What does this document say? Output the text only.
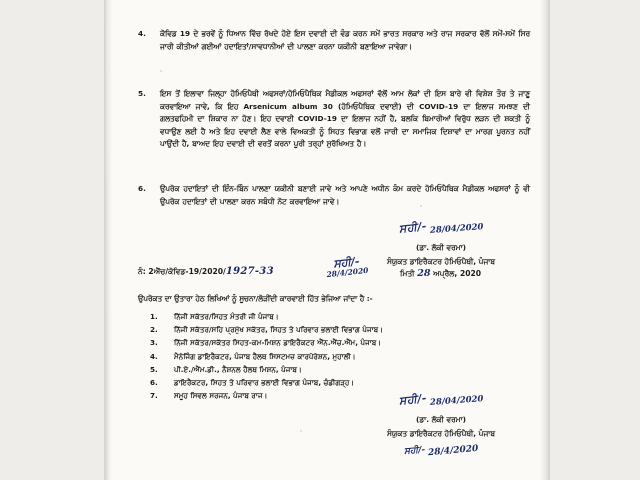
4.	ਕੋਵਿਡ 19 ਦੇ ਭਰਵੇਂ ਨੂੰ ਧਿਆਨ ਵਿੱਚ ਰੱਖਦੇ ਹੋਏ ਇਸ ਦਵਾਈ ਦੀ ਵੰਡ ਕਰਨ ਸਮੇਂ ਭਾਰਤ ਸਰਕਾਰ ਅਤੇ ਰਾਜ ਸਰਕਾਰ ਵੱਲੋਂ ਸਮੇਂ-ਸਮੇਂ ਸਿਰ ਜਾਰੀ ਕੀਤੀਆਂ ਗਈਆਂ ਹਦਾਇਤਾਂ/ਸਾਵਧਾਨੀਆਂ ਦੀ ਪਾਲਣਾ ਕਰਨਾ ਯਕੀਨੀ ਬਣਾਇਆ ਜਾਵੇਗਾ।
5.	ਇਸ ਤੋਂ ਇਲਾਵਾ ਜਿਲ੍ਹਾ ਹੋਮਿਓਪੈਥੀ ਅਫਸਰਾਂ/ਹੋਮਿਓਪੈਥਿਕ ਮੈਡੀਕਲ ਅਫਸਰਾਂ ਵੱਲੋਂ ਆਮ ਲੋਕਾਂ ਦੀ ਇਸ ਬਾਰੇ ਵੀ ਵਿਸ਼ੇਸ਼ ਤੌਰ ਤੇ ਜਾਣੂ ਕਰਵਾਇਆ ਜਾਵੇ, ਕਿ ਇਹ Arsenicum album 30 (ਹੋਮਿਓਪੈਥਿਕ ਦਵਾਈ) ਦੀ COVID-19 ਦਾ ਇਲਾਜ ਸਮਝਣ ਦੀ ਗਲਤਫਹਿਮੀ ਦਾ ਸ਼ਿਕਾਰ ਨਾ ਹੋਣ। ਇਹ ਦਵਾਈ COVID-19 ਦਾ ਇਲਾਜ ਨਹੀਂ ਹੈ, ਬਲਕਿ ਬਿਮਾਰੀਆਂ ਵਿਰੁੱਧ ਲੜਨ ਦੀ ਸ਼ਕਤੀ ਨੂੰ ਵਧਾਉਣ ਲਈ ਹੈ ਅਤੇ ਇਹ ਦਵਾਈ ਲੈਣ ਵਾਲੇ ਵਿਅਕਤੀ ਨੂੰ ਸਿਹਤ ਵਿਭਾਗ ਵਲੋਂ ਜਾਰੀ ਦਾ ਸਮਾਜਿਕ ਦਿਸ਼ਾਵਾਂ ਦਾ ਮਾਰਗ ਪੂਰਨਤ ਨਹੀਂ ਪਾਉਂਦੀ ਹੈ, ਬਾਅਦ ਇਹ ਦਵਾਈ ਦੀ ਵਰਤੋਂ ਕਰਨਾ ਪੂਰੀ ਤਰ੍ਹਾਂ ਸੁਰੱਖਿਅਤ ਹੈ।
6.	ਉਪਰੋਕ ਹਦਾਇਤਾਂ ਦੀ ਇੰਨ-ਬਿੰਨ ਪਾਲਣਾ ਯਕੀਨੀ ਬਣਾਈ ਜਾਵੇ ਅਤੇ ਆਪਣੇ ਅਧੀਨ ਕੰਮ ਕਰਦੇ ਹੋਮਿਓਪੈਥਿਕ ਮੈਡੀਕਲ ਅਫਸਰਾਂ ਨੂੰ ਵੀ ਉਪਰੋਕ ਹਦਾਇਤਾਂ ਦੀ ਪਾਲਣਾ ਕਰਨ ਸਬੰਧੀ ਨੋਟ ਕਰਵਾਇਆ ਜਾਵੇ।
ਸਹੀ/- 28/04/2020
(ਡਾ. ਲੱਕੀ ਵਰਮਾ)
ਸੰਯੁਕਤ ਡਾਇਰੈਕਟਰ ਹੋਮਿਓਪੈਥੀ, ਪੰਜਾਬ
ਨੰ: 2ਐੱਚ/ਕੋਵਿਡ-19/2020/1927-33
ਸਹੀ/-
28/4/2020	ਮਿਤੀ 28 ਅਪ੍ਰੈਲ, 2020
ਉਪਰੋਕਤ ਦਾ ਉਤਾਰਾ ਹੇਠ ਲਿਖਿਆਂ ਨੂੰ ਸੂਚਨਾ/ਲੋੜੀਂਦੀ ਕਾਰਵਾਈ ਹਿੱਤ ਭੇਜਿਆ ਜਾਂਦਾ ਹੈ :-
1.	ਨਿੱਜੀ ਸਕੱਤਰ/ਸਿਹਤ ਮੰਤਰੀ ਜੀ ਪੰਜਾਬ।
2.	ਨਿੱਜੀ ਸਕੱਤਰ/ਸਹਿ ਪ੍ਰਮੁੱਖ ਸਕੱਤਰ, ਸਿਹਤ ਤੇ ਪਰਿਵਾਰ ਭਲਾਈ ਵਿਭਾਗ ਪੰਜਾਬ।
3.	ਨਿੱਜੀ ਸਕੱਤਰ/ਸਕੱਤਰ ਸਿਹਤ-ਕਮ-ਮਿਸ਼ਨ ਡਾਇਰੈਕਟਰ ਐੱਨ.ਐੱਚ.ਐੱਮ, ਪੰਜਾਬ।
4.	ਮੈਨੇਜਿੰਗ ਡਾਇਰੈਕਟਰ, ਪੰਜਾਬ ਹੈਲਥ ਸਿਸਟਮਜ਼ ਕਾਰਪੋਰੇਸ਼ਨ, ਮੁਹਾਲੀ।
5.	ਪੀ.ਏ./ਐੱਮ.ਡੀ., ਨੈਸ਼ਨਲ ਹੈਲਥ ਮਿਸ਼ਨ, ਪੰਜਾਬ।
6.	ਡਾਇਰੈਕਟਰ, ਸਿਹਤ ਤੇ ਪਰਿਵਾਰ ਭਲਾਈ ਵਿਭਾਗ ਪੰਜਾਬ, ਚੰਡੀਗੜ੍ਹ।
7.	ਸਮੂਹ ਸਿਵਲ ਸਰਜਨ, ਪੰਜਾਬ ਰਾਜ।	ਸਹੀ/- 28/04/2020
(ਡਾ. ਲੱਕੀ ਵਰਮਾ)
ਸੰਯੁਕਤ ਡਾਇਰੈਕਟਰ ਹੋਮਿਓਪੈਥੀ, ਪੰਜਾਬ
ਸਹੀ/- 28/4/2020
